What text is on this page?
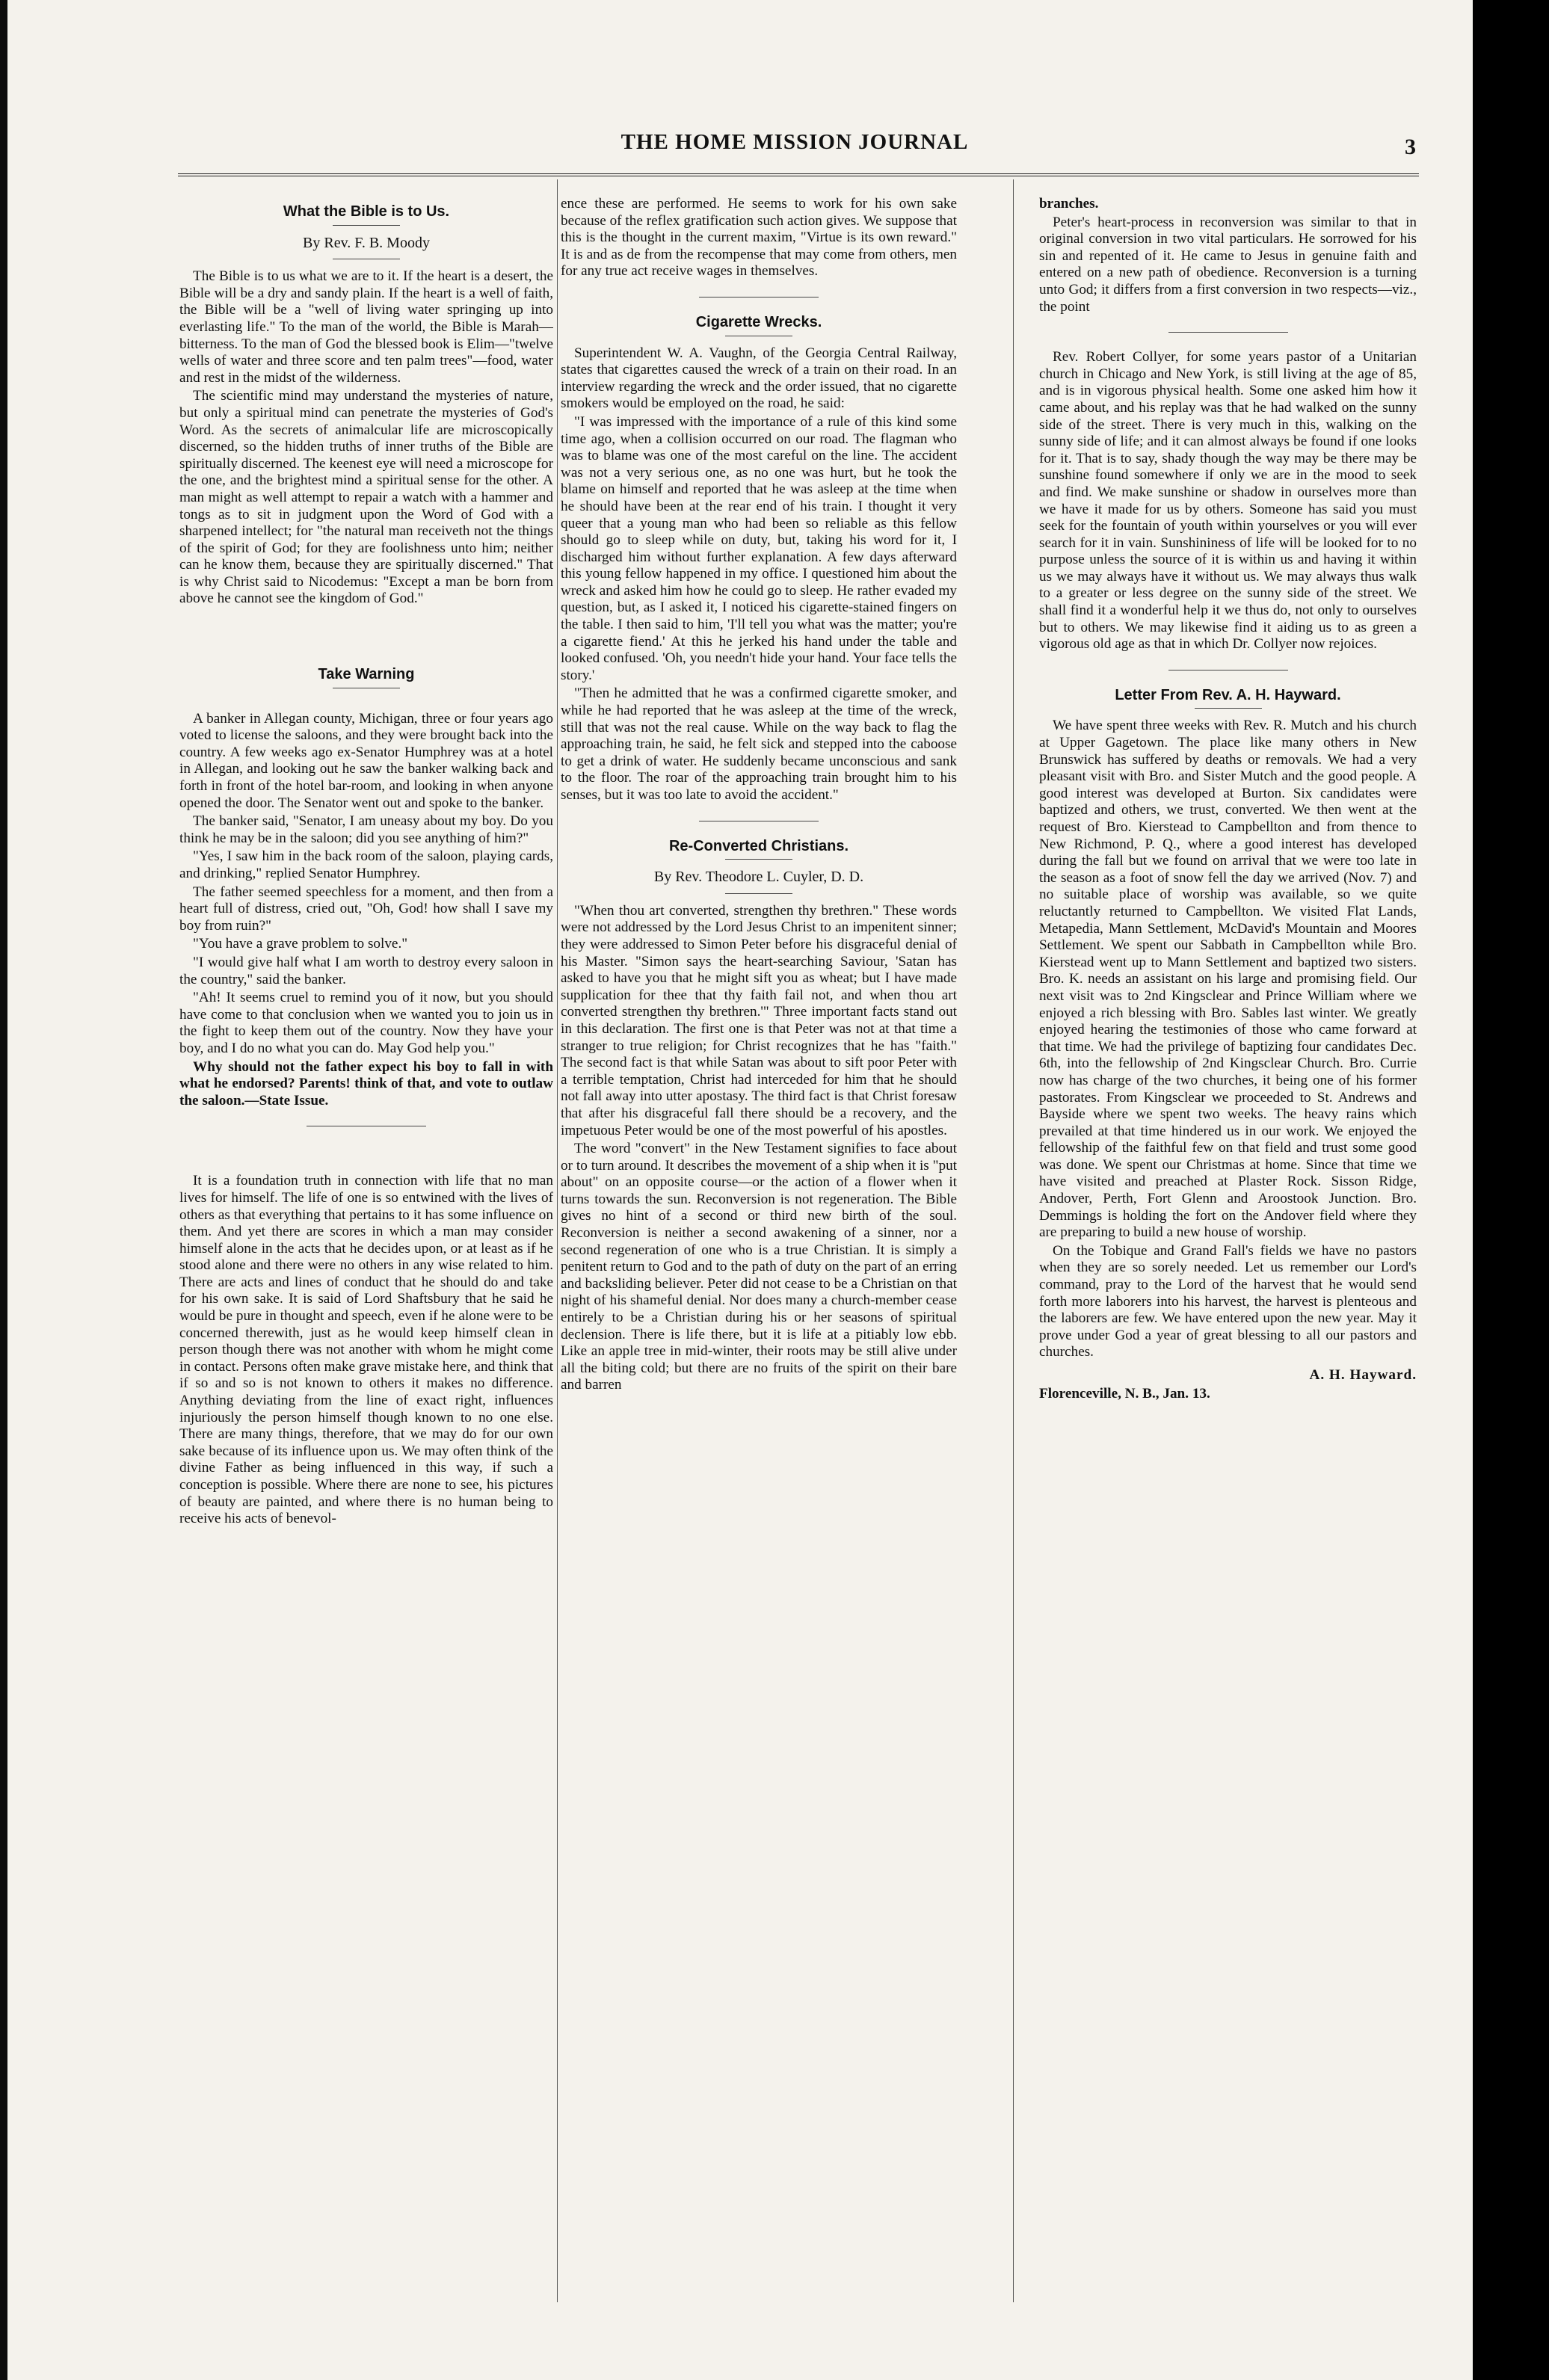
THE HOME MISSION JOURNAL	3
What the Bible is to Us.
By Rev. F. B. Moody

The Bible is to us what we are to it. If the heart is a desert, the Bible will be a dry and sandy plain. If the heart is a well of faith, the Bible will be a "well of living water springing up into everlasting life." To the man of the world, the Bible is Marah—bitterness. To the man of God the blessed book is Elim—"twelve wells of water and three score and ten palm trees"—food, water and rest in the midst of the wilderness.

The scientific mind may understand the mysteries of nature, but only a spiritual mind can penetrate the mysteries of God's Word. As the secrets of animalcular life are microscopically discerned, so the hidden truths of inner truths of the Bible are spiritually discerned. The keenest eye will need a microscope for the one, and the brightest mind a spiritual sense for the other. A man might as well attempt to repair a watch with a hammer and tongs as to sit in judgment upon the Word of God with a sharpened intellect; for "the natural man receiveth not the things of the spirit of God; for they are foolishness unto him; neither can he know them, because they are spiritually discerned." That is why Christ said to Nicodemus: "Except a man be born from above he cannot see the kingdom of God."

Take Warning

A banker in Allegan county, Michigan, three or four years ago voted to license the saloons, and they were brought back into the country. A few weeks ago ex-Senator Humphrey was at a hotel in Allegan, and looking out he saw the banker walking back and forth in front of the hotel bar-room, and looking in when anyone opened the door. The Senator went out and spoke to the banker.

The banker said, "Senator, I am uneasy about my boy. Do you think he may be in the saloon; did you see anything of him?"

"Yes, I saw him in the back room of the saloon, playing cards, and drinking," replied Senator Humphrey.

The father seemed speechless for a moment, and then from a heart full of distress, cried out, "Oh, God! how shall I save my boy from ruin?"

"You have a grave problem to solve."

"I would give half what I am worth to destroy every saloon in the country," said the banker.

"Ah! It seems cruel to remind you of it now, but you should have come to that conclusion when we wanted you to join us in the fight to keep them out of the country. Now they have your boy, and I do no what you can do. May God help you."

Why should not the father expect his boy to fall in with what he endorsed? Parents! think of that, and vote to outlaw the saloon.—State Issue.

It is a foundation truth in connection with life that no man lives for himself. The life of one is so entwined with the lives of others as that everything that pertains to it has some influence on them. And yet there are scores in which a man may consider himself alone in the acts that he decides upon, or at least as if he stood alone and there were no others in any wise related to him. There are acts and lines of conduct that he should do and take for his own sake. It is said of Lord Shaftsbury that he said he would be pure in thought and speech, even if he alone were to be concerned therewith, just as he would keep himself clean in person though there was not another with whom he might come in contact. Persons often make grave mistake here, and think that if so and so is not known to others it makes no difference. Anything deviating from the line of exact right, influences injuriously the person himself though known to no one else. There are many things, therefore, that we may do for our own sake because of its influence upon us. We may often think of the divine Father as being influenced in this way, if such a conception is possible. Where there are none to see, his pictures of beauty are painted, and where there is no human being to receive his acts of benevol-

ence these are performed. He seems to work for his own sake because of the reflex gratification such action gives. We suppose that this is the thought in the current maxim, "Virtue is its own reward." It is and as de from the recompense that may come from others, men for any true act receive wages in themselves.

Cigarette Wrecks.

Superintendent W. A. Vaughn, of the Georgia Central Railway, states that cigarettes caused the wreck of a train on their road. In an interview regarding the wreck and the order issued, that no cigarette smokers would be employed on the road, he said:

"I was impressed with the importance of a rule of this kind some time ago, when a collision occurred on our road. The flagman who was to blame was one of the most careful on the line. The accident was not a very serious one, as no one was hurt, but he took the blame on himself and reported that he was asleep at the time when he should have been at the rear end of his train. I thought it very queer that a young man who had been so reliable as this fellow should go to sleep while on duty, but, taking his word for it, I discharged him without further explanation. A few days afterward this young fellow happened in my office. I questioned him about the wreck and asked him how he could go to sleep. He rather evaded my question, but, as I asked it, I noticed his cigarette-stained fingers on the table. I then said to him, 'I'll tell you what was the matter; you're a cigarette fiend.' At this he jerked his hand under the table and looked confused. 'Oh, you needn't hide your hand. Your face tells the story.'

"Then he admitted that he was a confirmed cigarette smoker, and while he had reported that he was asleep at the time of the wreck, still that was not the real cause. While on the way back to flag the approaching train, he said, he felt sick and stepped into the caboose to get a drink of water. He suddenly became unconscious and sank to the floor. The roar of the approaching train brought him to his senses, but it was too late to avoid the accident."

Re-Converted Christians.
By Rev. Theodore L. Cuyler, D. D.

"When thou art converted, strengthen thy brethren." These words were not addressed by the Lord Jesus Christ to an impenitent sinner; they were addressed to Simon Peter before his disgraceful denial of his Master. "Simon says the heart-searching Saviour, 'Satan has asked to have you that he might sift you as wheat; but I have made supplication for thee that thy faith fail not, and when thou art converted strengthen thy brethren.'" Three important facts stand out in this declaration. The first one is that Peter was not at that time a stranger to true religion; for Christ recognizes that he has "faith." The second fact is that while Satan was about to sift poor Peter with a terrible temptation, Christ had interceded for him that he should not fall away into utter apostasy. The third fact is that Christ foresaw that after his disgraceful fall there should be a recovery, and the impetuous Peter would be one of the most powerful of his apostles.

The word "convert" in the New Testament signifies to face about or to turn around. It describes the movement of a ship when it is "put about" on an opposite course—or the action of a flower when it turns towards the sun. Reconversion is not regeneration. The Bible gives no hint of a second or third new birth of the soul. Reconversion is neither a second awakening of a sinner, nor a second regeneration of one who is a true Christian. It is simply a penitent return to God and to the path of duty on the part of an erring and backsliding believer. Peter did not cease to be a Christian on that night of his shameful denial. Nor does many a church-member cease entirely to be a Christian during his or her seasons of spiritual declension. There is life there, but it is life at a pitiably low ebb. Like an apple tree in mid-winter, their roots may be still alive under all the biting cold; but there are no fruits of the spirit on their bare and barren

branches.

Peter's heart-process in reconversion was similar to that in original conversion in two vital particulars. He sorrowed for his sin and repented of it. He came to Jesus in genuine faith and entered on a new path of obedience. Reconversion is a turning unto God; it differs from a first conversion in two respects—viz., the point

Rev. Robert Collyer, for some years pastor of a Unitarian church in Chicago and New York, is still living at the age of 85, and is in vigorous physical health. Some one asked him how it came about, and his replay was that he had walked on the sunny side of the street. There is very much in this, walking on the sunny side of life; and it can almost always be found if one looks for it. That is to say, shady though the way may be there may be sunshine found somewhere if only we are in the mood to seek and find. We make sunshine or shadow in ourselves more than we have it made for us by others. Someone has said you must seek for the fountain of youth within yourselves or you will ever search for it in vain. Sunshininess of life will be looked for to no purpose unless the source of it is within us and having it within us we may always have it without us. We may always thus walk to a greater or less degree on the sunny side of the street. We shall find it a wonderful help it we thus do, not only to ourselves but to others. We may likewise find it aiding us to as green a vigorous old age as that in which Dr. Collyer now rejoices.

Letter From Rev. A. H. Hayward.

We have spent three weeks with Rev. R. Mutch and his church at Upper Gagetown. The place like many others in New Brunswick has suffered by deaths or removals. We had a very pleasant visit with Bro. and Sister Mutch and the good people. A good interest was developed at Burton. Six candidates were baptized and others, we trust, converted. We then went at the request of Bro. Kierstead to Campbellton and from thence to New Richmond, P. Q., where a good interest has developed during the fall but we found on arrival that we were too late in the season as a foot of snow fell the day we arrived (Nov. 7) and no suitable place of worship was available, so we quite reluctantly returned to Campbellton. We visited Flat Lands, Metapedia, Mann Settlement, McDavid's Mountain and Moores Settlement. We spent our Sabbath in Campbellton while Bro. Kierstead went up to Mann Settlement and baptized two sisters. Bro. K. needs an assistant on his large and promising field. Our next visit was to 2nd Kingsclear and Prince William where we enjoyed a rich blessing with Bro. Sables last winter. We greatly enjoyed hearing the testimonies of those who came forward at that time. We had the privilege of baptizing four candidates Dec. 6th, into the fellowship of 2nd Kingsclear Church. Bro. Currie now has charge of the two churches, it being one of his former pastorates. From Kingsclear we proceeded to St. Andrews and Bayside where we spent two weeks. The heavy rains which prevailed at that time hindered us in our work. We enjoyed the fellowship of the faithful few on that field and trust some good was done. We spent our Christmas at home. Since that time we have visited and preached at Plaster Rock. Sisson Ridge, Andover, Perth, Fort Glenn and Aroostook Junction. Bro. Demmings is holding the fort on the Andover field where they are preparing to build a new house of worship.

On the Tobique and Grand Fall's fields we have no pastors when they are so sorely needed. Let us remember our Lord's command, pray to the Lord of the harvest that he would send forth more laborers into his harvest, the harvest is plenteous and the laborers are few. We have entered upon the new year. May it prove under God a year of great blessing to all our pastors and churches.

A. H. Hayward.

Florenceville, N. B., Jan. 13.
